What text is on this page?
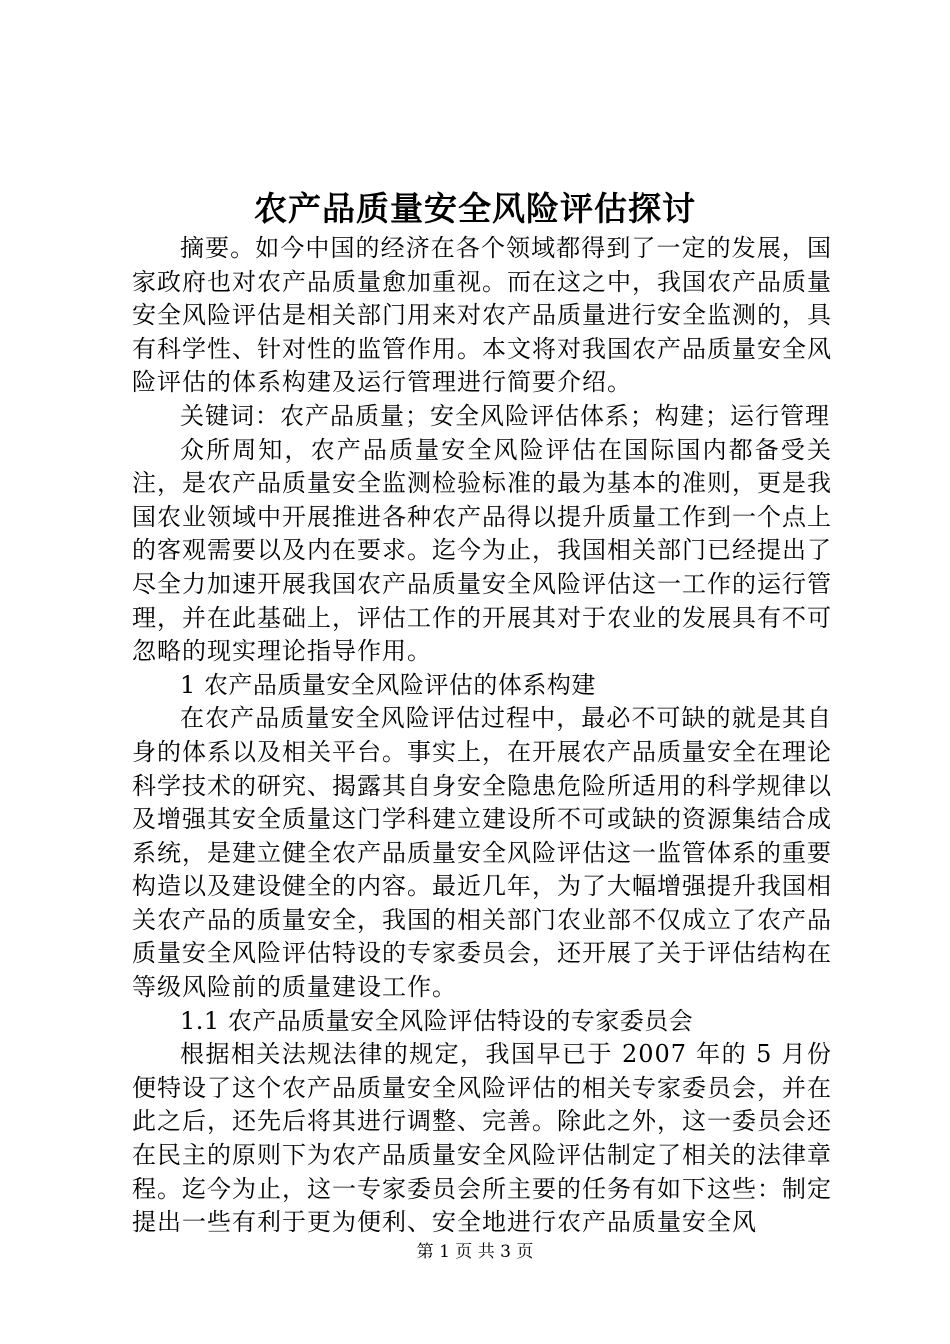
农产品质量安全风险评估探讨

摘要。如今中国的经济在各个领域都得到了一定的发展，国家政府也对农产品质量愈加重视。而在这之中，我国农产品质量安全风险评估是相关部门用来对农产品质量进行安全监测的，具有科学性、针对性的监管作用。本文将对我国农产品质量安全风险评估的体系构建及运行管理进行简要介绍。

关键词：农产品质量；安全风险评估体系；构建；运行管理

众所周知，农产品质量安全风险评估在国际国内都备受关注，是农产品质量安全监测检验标准的最为基本的准则，更是我国农业领域中开展推进各种农产品得以提升质量工作到一个点上的客观需要以及内在要求。迄今为止，我国相关部门已经提出了尽全力加速开展我国农产品质量安全风险评估这一工作的运行管理，并在此基础上，评估工作的开展其对于农业的发展具有不可忽略的现实理论指导作用。

1 农产品质量安全风险评估的体系构建

在农产品质量安全风险评估过程中，最必不可缺的就是其自身的体系以及相关平台。事实上，在开展农产品质量安全在理论科学技术的研究、揭露其自身安全隐患危险所适用的科学规律以及增强其安全质量这门学科建立建设所不可或缺的资源集结合成系统，是建立健全农产品质量安全风险评估这一监管体系的重要构造以及建设健全的内容。最近几年，为了大幅增强提升我国相关农产品的质量安全，我国的相关部门农业部不仅成立了农产品质量安全风险评估特设的专家委员会，还开展了关于评估结构在等级风险前的质量建设工作。

1.1 农产品质量安全风险评估特设的专家委员会

根据相关法规法律的规定，我国早已于 2007 年的 5 月份便特设了这个农产品质量安全风险评估的相关专家委员会，并在此之后，还先后将其进行调整、完善。除此之外，这一委员会还在民主的原则下为农产品质量安全风险评估制定了相关的法律章程。迄今为止，这一专家委员会所主要的任务有如下这些：制定提出一些有利于更为便利、安全地进行农产品质量安全风

第 1 页 共 3 页
